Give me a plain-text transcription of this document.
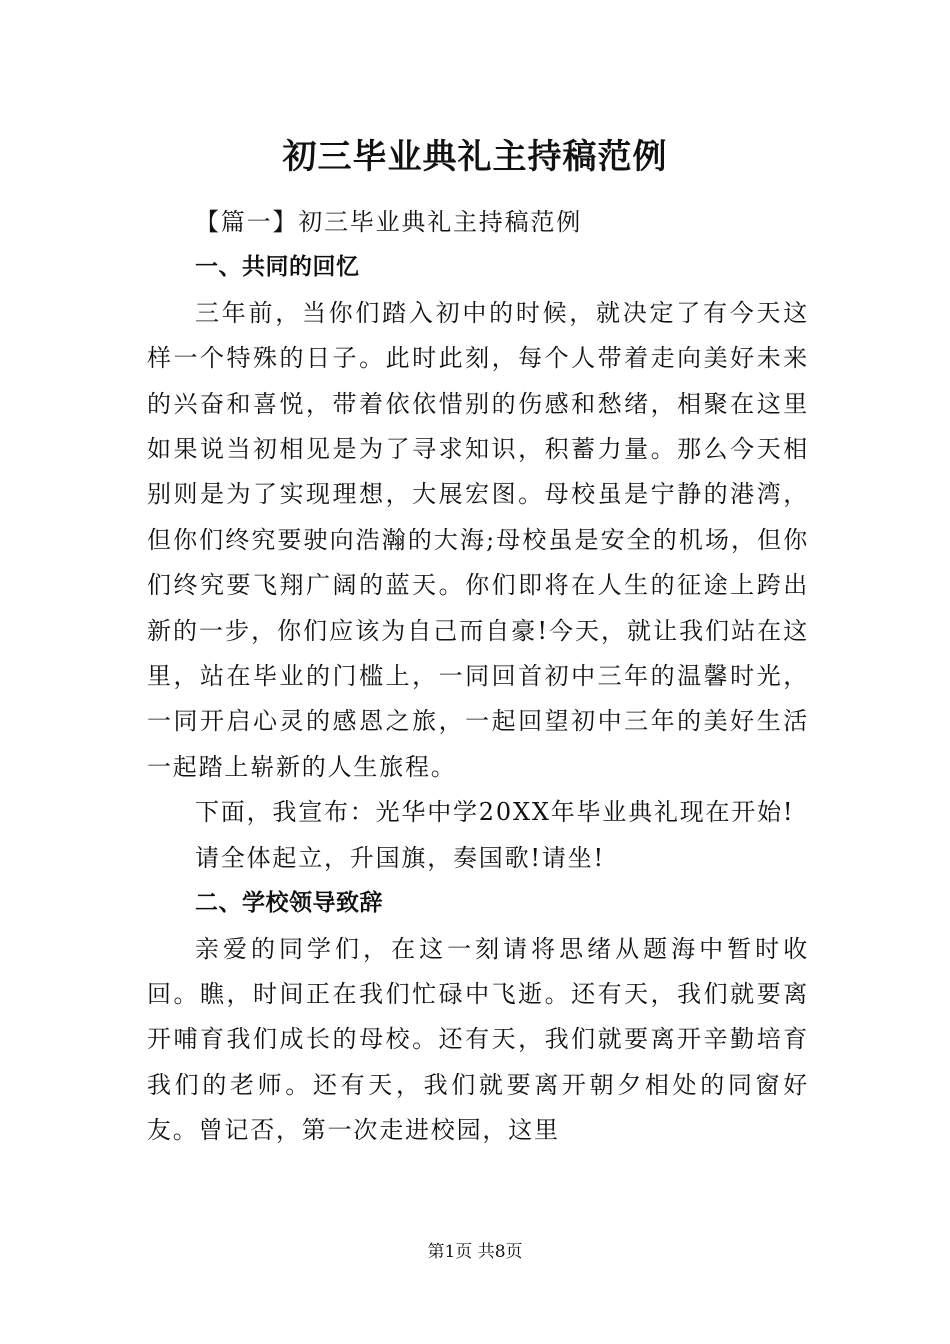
初三毕业典礼主持稿范例

【篇一】初三毕业典礼主持稿范例

一、共同的回忆

三年前，当你们踏入初中的时候，就决定了有今天这样一个特殊的日子。此时此刻，每个人带着走向美好未来的兴奋和喜悦，带着依依惜别的伤感和愁绪，相聚在这里如果说当初相见是为了寻求知识，积蓄力量。那么今天相别则是为了实现理想，大展宏图。母校虽是宁静的港湾，但你们终究要驶向浩瀚的大海;母校虽是安全的机场，但你们终究要飞翔广阔的蓝天。你们即将在人生的征途上跨出新的一步，你们应该为自己而自豪!今天，就让我们站在这里，站在毕业的门槛上，一同回首初中三年的温馨时光，一同开启心灵的感恩之旅，一起回望初中三年的美好生活一起踏上崭新的人生旅程。

下面，我宣布：光华中学20XX年毕业典礼现在开始!

请全体起立，升国旗，奏国歌!请坐!

二、学校领导致辞

亲爱的同学们，在这一刻请将思绪从题海中暂时收回。瞧，时间正在我们忙碌中飞逝。还有天，我们就要离开哺育我们成长的母校。还有天，我们就要离开辛勤培育我们的老师。还有天，我们就要离开朝夕相处的同窗好友。曾记否，第一次走进校园，这里

第1页 共8页
